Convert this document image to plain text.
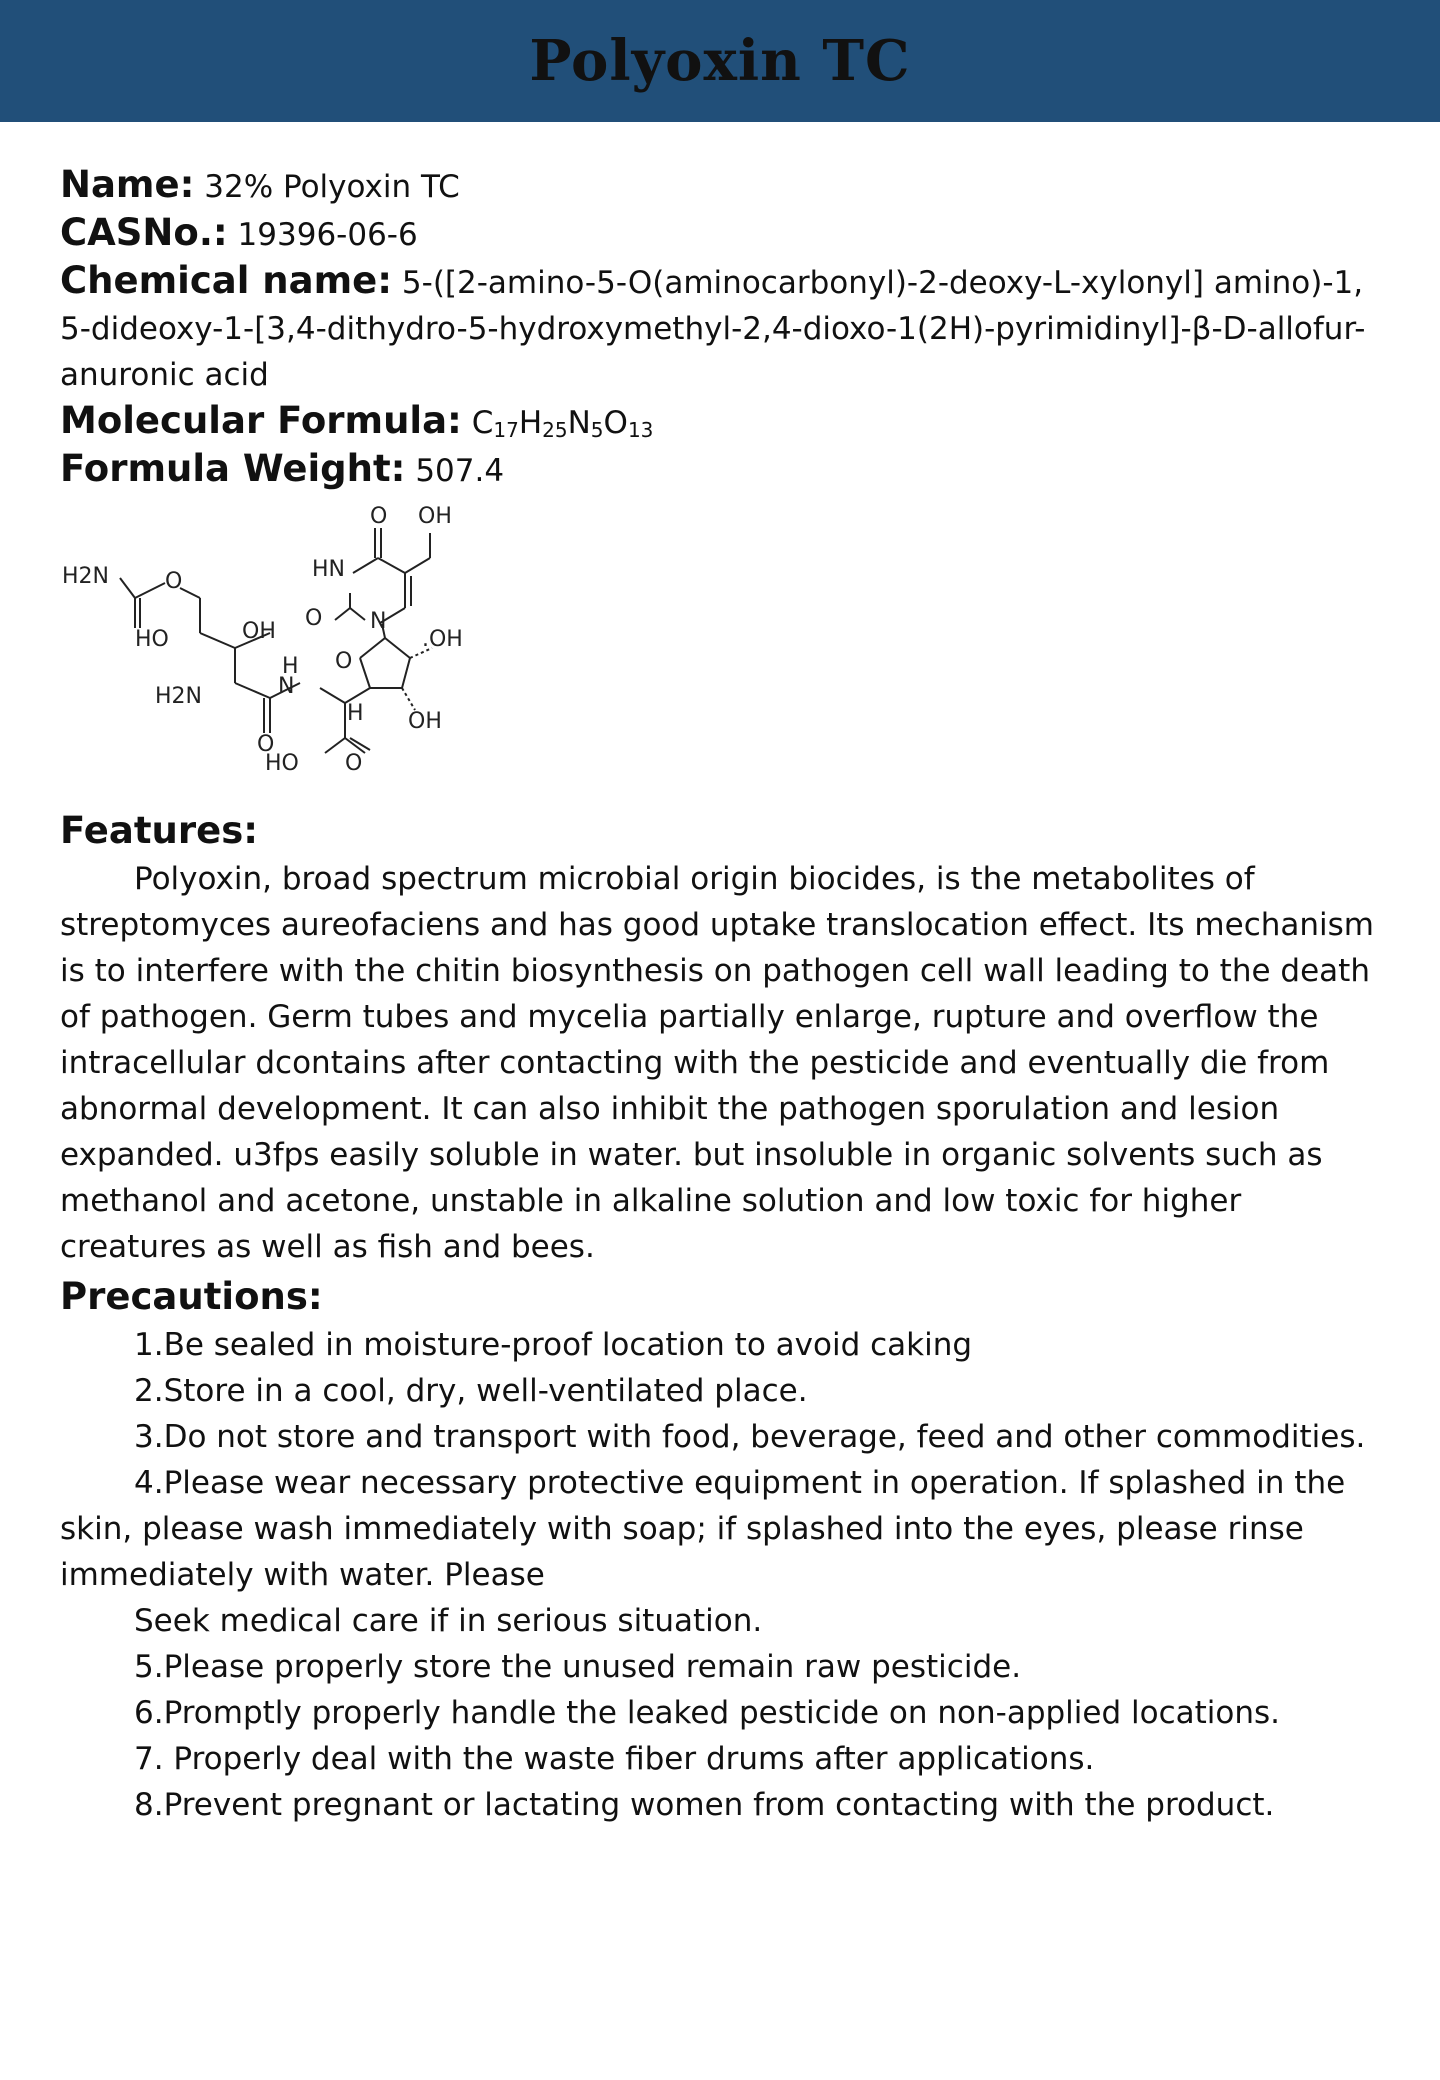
Polyoxin TC

Name: 32% Polyoxin TC

CASNo.: 19396-06-6

Chemical name: 5-([2-amino-5-O(aminocarbonyl)-2-deoxy-L-xylonyl] amino)-1,5-dideoxy-1-[3,4-dithydro-5-hydroxymethyl-2,4-dioxo-1(2H)-pyrimidinyl]-β-D-allofur-anuronic acid

Molecular Formula: $C_{17}H_{25}N_5O_{13}$

Formula Weight: 507.4

O OH
HN
H2N	O
O N
OH	.OH
HO
O
H
N
H2N
H OH
O
HO O

Features:

Polyoxin, broad spectrum microbial origin biocides, is the metabolites of streptomyces aureofaciens and has good uptake translocation effect. Its mechanism is to interfere with the chitin biosynthesis on pathogen cell wall leading to the death of pathogen. Germ tubes and mycelia partially enlarge, rupture and overflow the intracellular dcontains after contacting with the pesticide and eventually die from abnormal development. It can also inhibit the pathogen sporulation and lesion expanded. u3fps easily soluble in water. but insoluble in organic solvents such as methanol and acetone, unstable in alkaline solution and low toxic for higher creatures as well as fish and bees.

Precautions:

1.Be sealed in moisture-proof location to avoid caking
2.Store in a cool, dry, well-ventilated place.
3.Do not store and transport with food, beverage, feed and other commodities.
4.Please wear necessary protective equipment in operation. If splashed in the skin, please wash immediately with soap; if splashed into the eyes, please rinse immediately with water. Please
Seek medical care if in serious situation.
5.Please properly store the unused remain raw pesticide.
6.Promptly properly handle the leaked pesticide on non-applied locations.
7. Properly deal with the waste fiber drums after applications.
8.Prevent pregnant or lactating women from contacting with the product.
